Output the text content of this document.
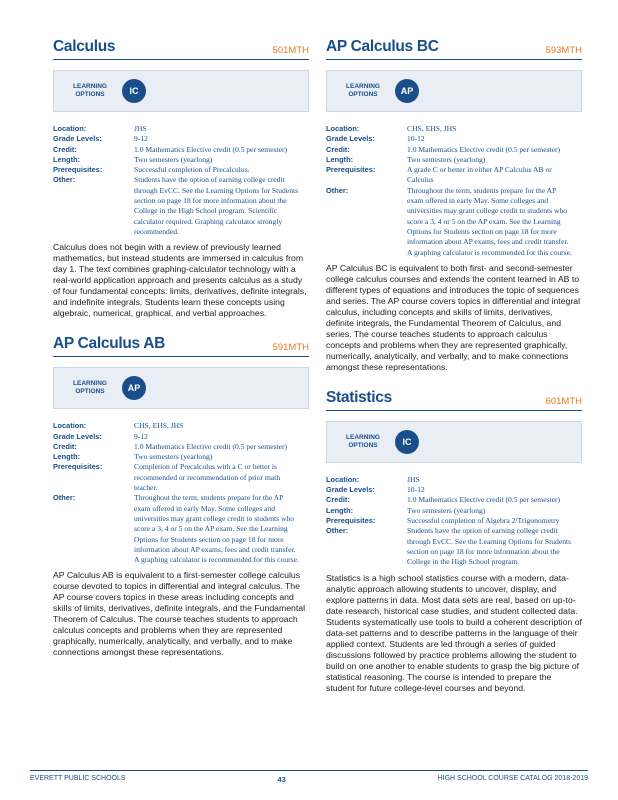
Calculus	501MTH
LEARNING OPTIONS	IC
Location:	JHS
Grade Levels:	9-12
Credit:	1.0 Mathematics Elective credit (0.5 per semester)
Length:	Two semesters (yearlong)
Prerequisites:	Successful completion of Precalculus.
Other:	Students have the option of earning college credit through EvCC. See the Learning Options for Students section on page 18 for more information about the College in the High School program. Scientific calculator required. Graphing calculator strongly recommended.
Calculus does not begin with a review of previously learned mathematics, but instead students are immersed in calculus from day 1. The text combines graphing-calculator technology with a real-world application approach and presents calculus as a study of four fundamental concepts: limits, derivatives, definite integrals, and indefinite integrals. Students learn these concepts using algebraic, numerical, graphical, and verbal approaches.
AP Calculus AB	591MTH
LEARNING OPTIONS	AP
Location:	CHS, EHS, JHS
Grade Levels:	9-12
Credit:	1.0 Mathematics Elective credit (0.5 per semester)
Length:	Two semesters (yearlong)
Prerequisites:	Completion of Precalculus with a C or better is recommended or recommendation of prior math teacher.
Other:	Throughout the term, students prepare for the AP exam offered in early May. Some colleges and universities may grant college credit to students who score a 3, 4 or 5 on the AP exam. See the Learning Options for Students section on page 18 for more information about AP exams, fees and credit transfer. A graphing calculator is recommended for this course.
AP Calculus AB is equivalent to a first-semester college calculus course devoted to topics in differential and integral calculus. The AP course covers topics in these areas including concepts and skills of limits, derivatives, definite integrals, and the Fundamental Theorem of Calculus. The course teaches students to approach calculus concepts and problems when they are represented graphically, numerically, analytically, and verbally, and to make connections amongst these representations.
AP Calculus BC	593MTH
LEARNING OPTIONS	AP
Location:	CHS, EHS, JHS
Grade Levels:	10-12
Credit:	1.0 Mathematics Elective credit (0.5 per semester)
Length:	Two semesters (yearlong)
Prerequisites:	A grade C or better in either AP Calculus AB or Calculus
Other:	Throughout the term, students prepare for the AP exam offered in early May. Some colleges and universities may grant college credit to students who score a 3, 4 or 5 on the AP exam. See the Learning Options for Students section on page 18 for more information about AP exams, fees and credit transfer. A graphing calculator is recommended for this course.
AP Calculus BC is equivalent to both first- and second-semester college calculus courses and extends the content learned in AB to different types of equations and introduces the topic of sequences and series. The AP course covers topics in differential and integral calculus, including concepts and skills of limits, derivatives, definite integrals, the Fundamental Theorem of Calculus, and series. The course teaches students to approach calculus concepts and problems when they are represented graphically, numerically, analytically, and verbally, and to make connections amongst these representations.
Statistics	601MTH
LEARNING OPTIONS	IC
Location:	JHS
Grade Levels:	10-12
Credit:	1.0 Mathematics Elective credit (0.5 per semester)
Length:	Two semesters (yearlong)
Prerequisites:	Successful completion of Algebra 2/Trigonometry
Other:	Students have the option of earning college credit through EvCC. See the Learning Options for Students section on page 18 for more information about the College in the High School program.
Statistics is a high school statistics course with a modern, data-analytic approach allowing students to uncover, display, and explore patterns in data. Most data sets are real, based on up-to-date research, historical case studies, and student collected data. Students systematically use tools to build a coherent description of data-set patterns and to describe patterns in the language of their applied context. Students are led through a series of guided discussions followed by practice problems allowing the student to build on one another to enable students to grasp the big picture of statistical reasoning. The course is intended to prepare the student for future college-level courses and beyond.
EVERETT PUBLIC SCHOOLS	43	HIGH SCHOOL COURSE CATALOG 2018-2019
